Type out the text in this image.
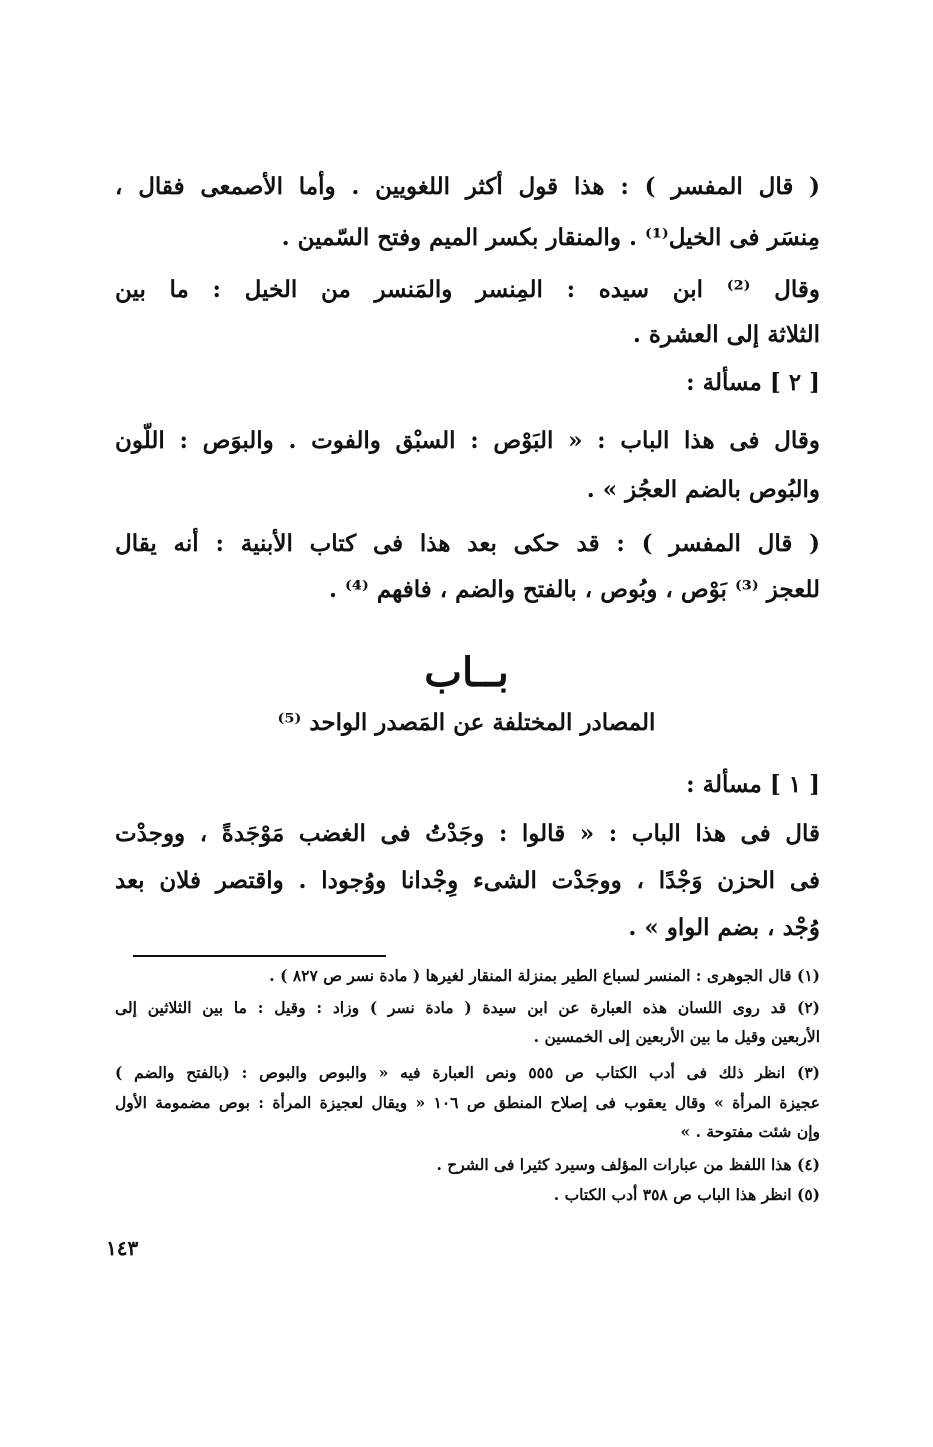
( قال المفسر ) : هذا قول أكثر اللغويين . وأما الأصمعى فقال ،
مِنسَر فى الخيل⁽¹⁾ . والمنقار بكسر الميم وفتح السّمين .
وقال ⁽²⁾ ابن سيده : المِنسر والمَنسر من الخيل : ما بين
الثلاثة إلى العشرة .
[ ٢ ] مسألة :
وقال فى هذا الباب : « البَوْص : السبْق والفوت . والبوَص : اللّون
والبُوص بالضم العجُز » .
( قال المفسر ) : قد حكى بعد هذا فى كتاب الأبنية : أنه يقال
للعجز ⁽³⁾ بَوْص ، وبُوص ، بالفتح والضم ، فافهم ⁽⁴⁾ .
بــاب
المصادر المختلفة عن المَصدر الواحد ⁽⁵⁾
[ ١ ] مسألة :
قال فى هذا الباب : « قالوا : وجَدْتُ فى الغضب مَوْجَدةً ، ووجدْت
فى الحزن وَجْدًا ، ووجَدْت الشىء وِجْدانا ووُجودا . واقتصر فلان بعد
وُجْد ، بضم الواو » .
(١) قال الجوهرى : المنسر لسباع الطير بمنزلة المنقار لغيرها ( مادة نسر ص ٨٢٧ ) .
(٢) قد روى اللسان هذه العبارة عن ابن سيدة ( مادة نسر ) وزاد : وقيل : ما بين الثلاثين إلى
الأربعين وقيل ما بين الأربعين إلى الخمسين .
(٣) انظر ذلك فى أدب الكتاب ص ٥٥٥ ونص العبارة فيه « والبوص والبوص : (بالفتح والضم )
عجيزة المرأة » وقال يعقوب فى إصلاح المنطق ص ١٠٦ « ويقال لعجيزة المرأة : بوص مضمومة الأول
وإن شئت مفتوحة . »
(٤) هذا اللفظ من عبارات المؤلف وسيرد كثيرا فى الشرح .
(٥) انظر هذا الباب ص ٣٥٨ أدب الكتاب .
١٤٣
